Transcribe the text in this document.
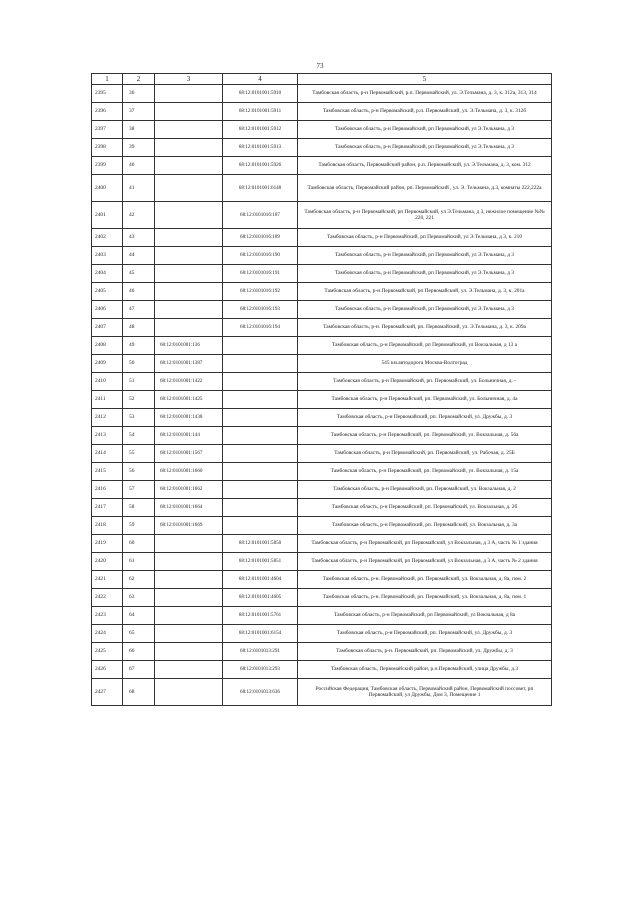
73
1	2	3	4	5
2395	36		68:12:0101001:5910	Тамбовская область, р-н Первомайский, р.п. Первомайский, ул. Э.Тельмана, д. 3, к. 312а, 313, 314
2396	37		68:12:0101001:5911	Тамбовская область, р-н Первомайский, р.п. Первомайский, ул. Э.Тельмана, д. 3, к. 312б
2397	38		68:12:0101001:5912	Тамбовская область, р-н Первомайский, рп Первомайский, ул Э.Тельмана, д 3
2398	39		68:12:0101001:5913	Тамбовская область, р-н Первомайский, рп Первомайский, ул Э.Тельмана, д 3
2399	40		68:12:0101001:5926	Тамбовская область, Первомайский район, р.п. Первомайский, ул. Э.Тельмана, д. 3, ком. 312
2400	41		68:12:0101001:6148	Тамбовская область, Первомайский район, рп. Первомайский , ул. Э. Тельмана, д.3, комнаты 222,222а
2401	42		68:12:0101016:187	Тамбовская область, р-н Первомайский, рп Первомайский, ул Э.Тельмана, д 3, нежилое помещение №№ 220, 221
2402	43		68:12:0101016:189	Тамбовская область, р-н Первомайский, рп Первомайский, ул Э.Тельмана, д 3, к. 210
2403	44		68:12:0101016:190	Тамбовская область, р-н Первомайский, рп Первомайский, ул Э.Тельмана, д 3
2404	45		68:12:0101016:191	Тамбовская область, р-н Первомайский, рп Первомайский, ул Э.Тельмана, д 3
2405	46		68:12:0101016:192	Тамбовская область, р-н Первомайский, рп Первомайский, ул. Э.Тельмана, д. 3, к. 201а
2406	47		68:12:0101016:193	Тамбовская область, р-н Первомайский, рп Первомайский, ул Э.Тельмана, д 3
2407	48		68:12:0101016:194	Тамбовская область, р-н. Первомайский, рп. Первомайский, ул. Э.Тельмана, д. 3, к. 209а
2408	49	68:12:0101001:136		Тамбовская область, р-н Первомайский, рп Первомайский, ул Вокзальная, д 13 а
2409	50	68:12:0101001:1387		545 км.автодорога Москва-Волгоград
2410	51	68:12:0101001:1422		Тамбовская область, р-н Первомайский, рп. Первомайский, ул. Больничная, д. -
2411	52	68:12:0101001:1425		Тамбовская область, р-н Первомайский, рп. Первомайский, ул. Больничная, д. 4а
2412	53	68:12:0101001:1438		Тамбовская область, р-н Первомайский, рп. Первомайский, ул. Дружбы, д. 3
2413	54	68:12:0101001:144		Тамбовская область, р-н Первомайский, рп. Первомайский, ул. Вокзальная, д. 56а
2414	55	68:12:0101001:1567		Тамбовская область, р-н Первомайский, рп. Первомайский, ул. Рабочая, д. 25Б
2415	56	68:12:0101001:1660		Тамбовская область, р-н Первомайский, рп. Первомайский, ул. Вокзальная, д. 15а
2416	57	68:12:0101001:1662		Тамбовская область, р-н Первомайский, рп. Первомайский, ул. Вокзальная, д. 2
2417	58	68:12:0101001:1664		Тамбовская область, р-н Первомайский, рп. Первомайский, ул. Вокзальная, д. 2б
2418	59	68:12:0101001:1669		Тамбовская область, р-н Первомайский, рп. Первомайский, ул. Вокзальная, д. 3а
2419	60		68:12:0101001:5850	Тамбовская область, р-н Первомайский, рп Первомайский, ул Вокзальная, д 3 А, часть № 1 здания
2420	61		68:12:0101001:5851	Тамбовская область, р-н Первомайский, рп Первомайский, ул Вокзальная, д 3 А, часть № 2 здания
2421	62		68:12:0101001:4604	Тамбовская область, р-н. Первомайский, рп. Первомайский, ул. Вокзальная, д. 8а, пом. 2
2422	63		68:12:0101001:4605	Тамбовская область, р-н. Первомайский, рп. Первомайский, ул. Вокзальная, д. 8а, пом. 1
2423	64		68:12:0101001:5761	Тамбовская область, р-н Первомайский, рп Первомайский, ул Вокзальная, д 8а
2424	65		68:12:0101001:6154	Тамбовская область, р-н Первомайский, рп. Первомайский, ул. Дружбы, д. 3
2425	66		68:12:0101013:291	Тамбовская область, р-н. Первомайский, рп. Первомайский, ул. Дружбы, д. 3
2426	67		68:12:0101013:293	Тамбовская область, Первомайский район, р.п.Первомайский, улица Дружбы, д.3
2427	68		68:12:0101013:636	Российская Федерация, Тамбовская область, Первомайский район, Первомайский поссовет, рп Первомайский, ул Дружбы, Дом 3, Помещение 1
